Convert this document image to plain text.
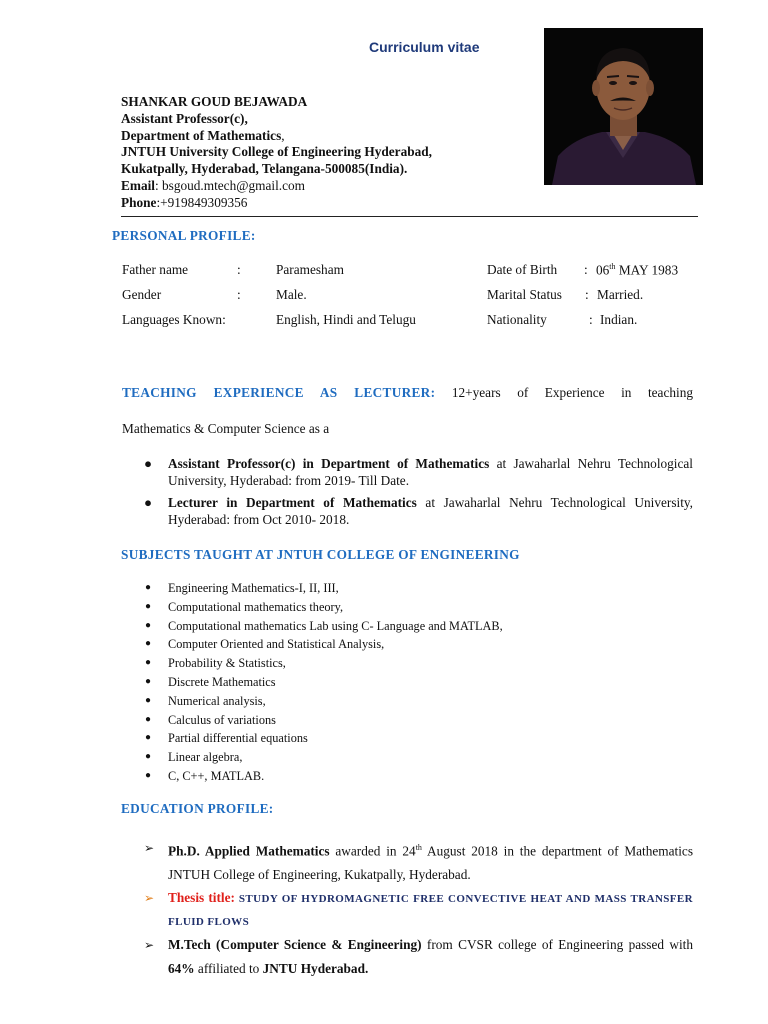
Curriculum vitae
SHANKAR GOUD BEJAWADA
Assistant Professor(c),
Department of Mathematics,
JNTUH University College of Engineering Hyderabad,
Kukatpally, Hyderabad, Telangana-500085(India).
Email: bsgoud.mtech@gmail.com
Phone:+919849309356
PERSONAL PROFILE:
Father name	:	Paramesham	Date of Birth : 06th MAY 1983
Gender	:	Male.	Marital Status : Married.
Languages Known:	English, Hindi and Telugu	Nationality	: Indian.
TEACHING EXPERIENCE AS LECTURER: 12+years of Experience in teaching
Mathematics & Computer Science as a
● Assistant Professor(c) in Department of Mathematics at Jawaharlal Nehru Technological University, Hyderabad: from 2019- Till Date.
● Lecturer in Department of Mathematics at Jawaharlal Nehru Technological University, Hyderabad: from Oct 2010- 2018.
SUBJECTS TAUGHT AT JNTUH COLLEGE OF ENGINEERING
● Engineering Mathematics-I, II, III,
● Computational mathematics theory,
● Computational mathematics Lab using C- Language and MATLAB,
● Computer Oriented and Statistical Analysis,
● Probability & Statistics,
● Discrete Mathematics
● Numerical analysis,
● Calculus of variations
● Partial differential equations
● Linear algebra,
● C, C++, MATLAB.
EDUCATION PROFILE:
➢ Ph.D. Applied Mathematics awarded in 24th August 2018 in the department of Mathematics JNTUH College of Engineering, Kukatpally, Hyderabad.
➢ Thesis title: STUDY OF HYDROMAGNETIC FREE CONVECTIVE HEAT AND MASS TRANSFER FLUID FLOWS
➢ M.Tech (Computer Science & Engineering) from CVSR college of Engineering passed with 64% affiliated to JNTU Hyderabad.
